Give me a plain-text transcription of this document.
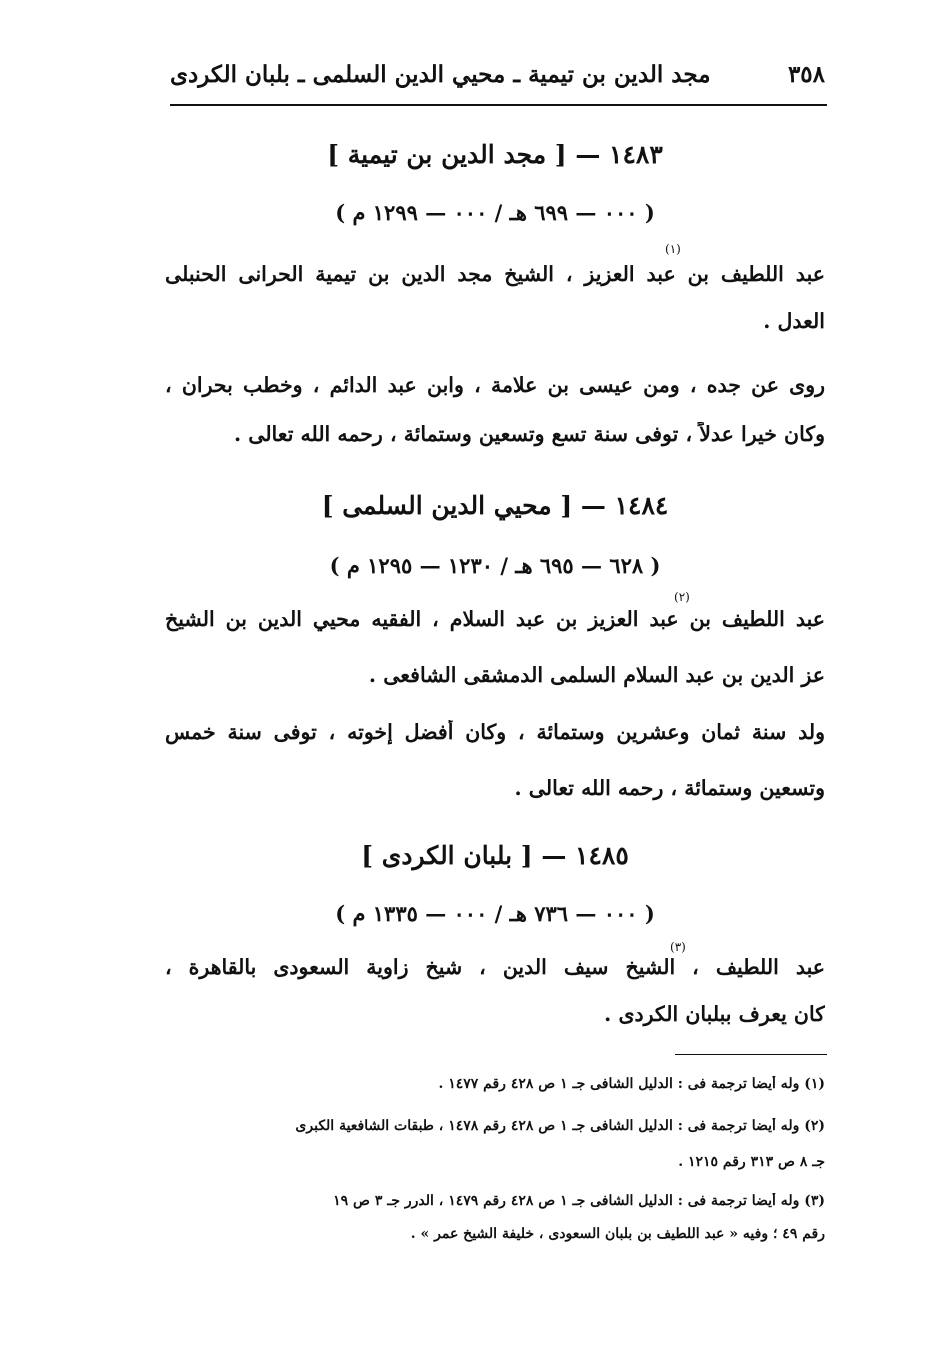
٣٥٨
مجد الدين بن تيمية ـ محيي الدين السلمى ـ بلبان الكردى
١٤٨٣ — [ مجد الدين بن تيمية ]
( ٠٠٠ — ٦٩٩ هـ / ٠٠٠ — ١٢٩٩ م )
(١)
عبد اللطيف بن عبد العزيز ، الشيخ مجد الدين بن تيمية الحرانى الحنبلى
العدل .
روى عن جده ، ومن عيسى بن علامة ، وابن عبد الدائم ، وخطب بحران ،
وكان خيرا عدلاً ، توفى سنة تسع وتسعين وستمائة ، رحمه الله تعالى .
١٤٨٤ — [ محيي الدين السلمى ]
( ٦٢٨ — ٦٩٥ هـ / ١٢٣٠ — ١٢٩٥ م )
(٢)
عبد اللطيف بن عبد العزيز بن عبد السلام ، الفقيه محيي الدين بن الشيخ
عز الدين بن عبد السلام السلمى الدمشقى الشافعى .
ولد سنة ثمان وعشرين وستمائة ، وكان أفضل إخوته ، توفى سنة خمس
وتسعين وستمائة ، رحمه الله تعالى .
١٤٨٥ — [ بلبان الكردى ]
( ٠٠٠ — ٧٣٦ هـ / ٠٠٠ — ١٣٣٥ م )
(٣)
عبد اللطيف ، الشيخ سيف الدين ، شيخ زاوية السعودى بالقاهرة ،
كان يعرف ببلبان الكردى .
(١) وله أيضا ترجمة فى : الدليل الشافى جـ ١ ص ٤٢٨ رقم ١٤٧٧ .
(٢) وله أيضا ترجمة فى : الدليل الشافى جـ ١ ص ٤٢٨ رقم ١٤٧٨ ، طبقات الشافعية الكبرى
جـ ٨ ص ٣١٣ رقم ١٢١٥ .
(٣) وله أيضا ترجمة فى : الدليل الشافى جـ ١ ص ٤٢٨ رقم ١٤٧٩ ، الدرر جـ ٣ ص ١٩
رقم ٤٩ ؛ وفيه « عبد اللطيف بن بلبان السعودى ، خليفة الشيخ عمر » .
